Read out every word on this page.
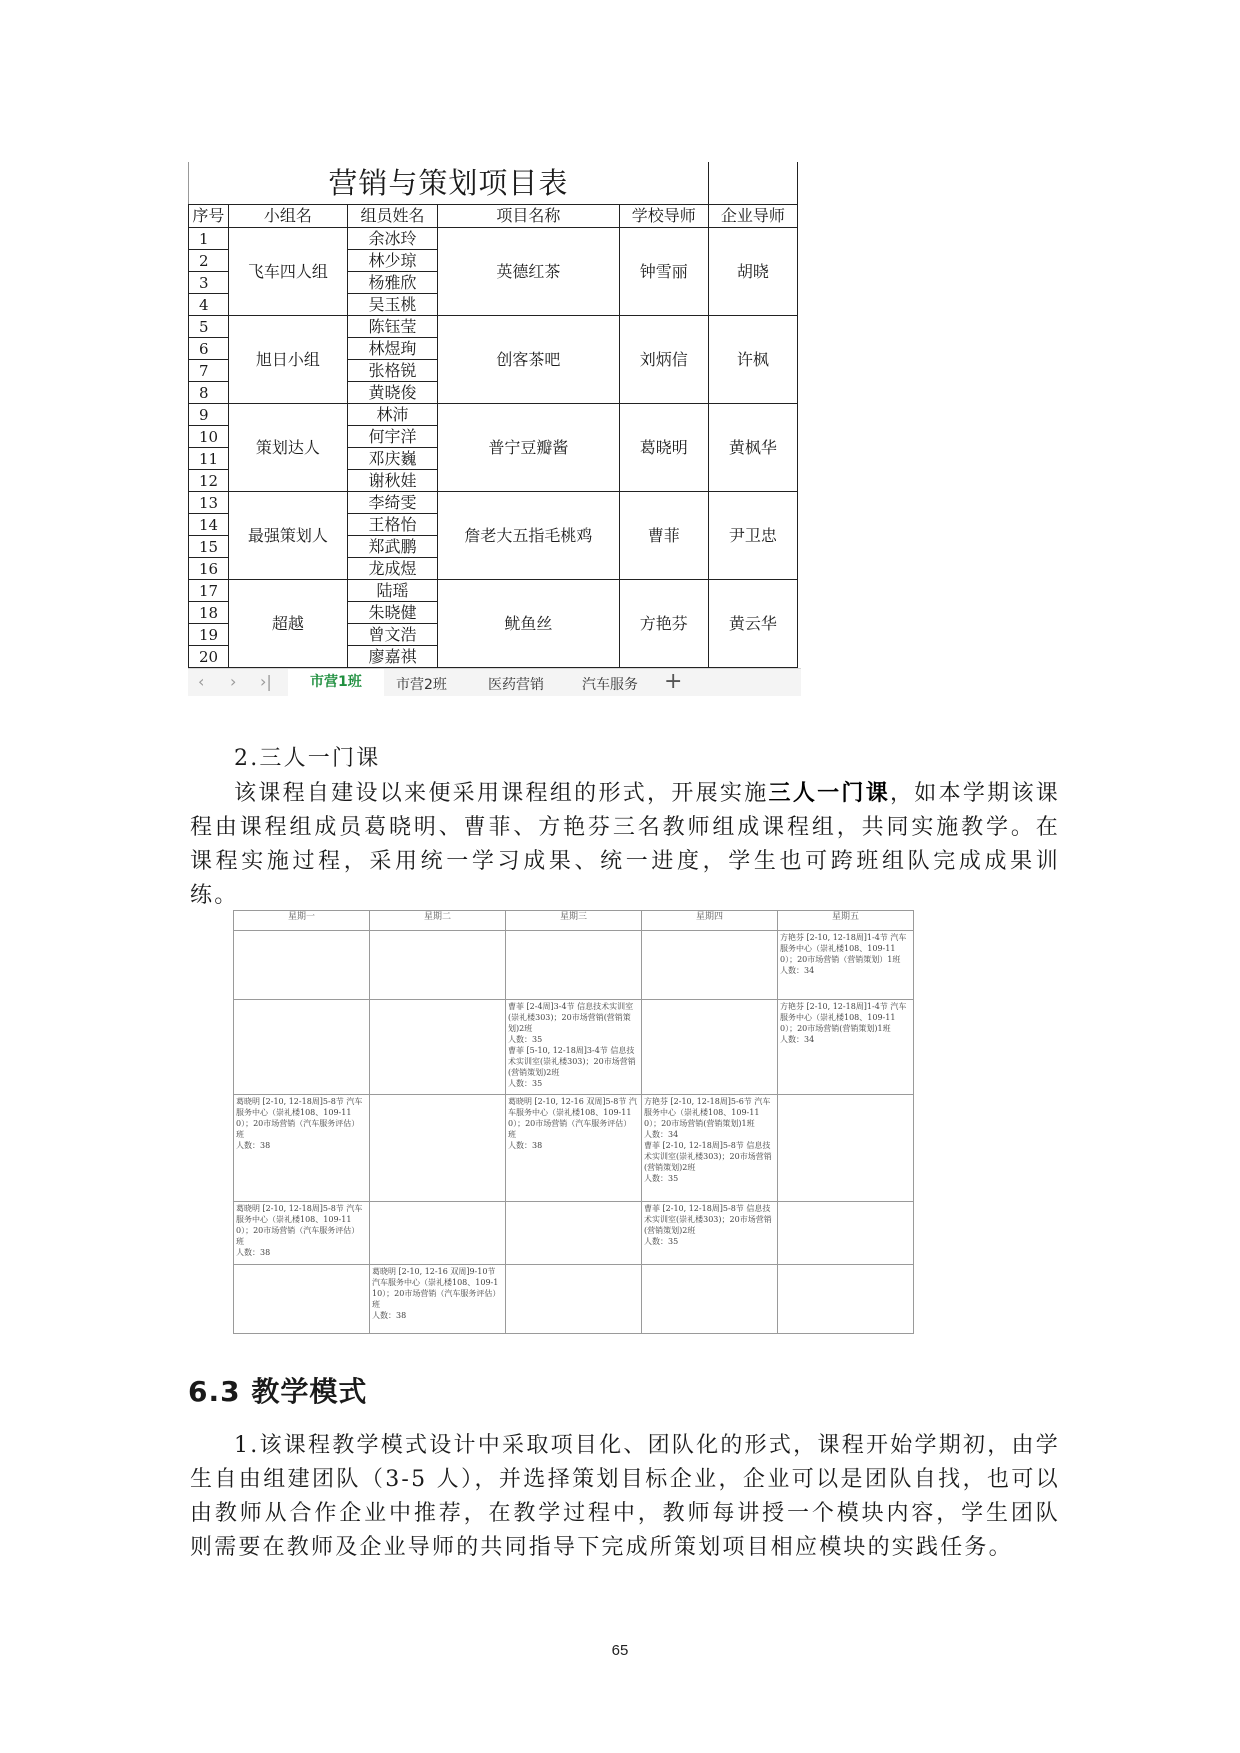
营销与策划项目表					
序号	小组名	组员姓名	项目名称	学校导师	企业导师
1	飞车四人组	余冰玲	英德红茶	钟雪丽	胡晓
2		林少琼			
3		杨雅欣			
4		吴玉桃			
5	旭日小组	陈钰莹	创客茶吧	刘炳信	许枫
6		林煜珣			
7		张格锐			
8		黄晓俊			
9	策划达人	林沛	普宁豆瓣酱	葛晓明	黄枫华
10		何宇洋			
11		邓庆巍			
12		谢秋娃			
13	最强策划人	李绮雯	詹老大五指毛桃鸡	曹菲	尹卫忠
14		王格怡			
15		郑武鹏			
16		龙成煜			
17	超越	陆瑶	鱿鱼丝	方艳芬	黄云华
18		朱晓健			
19		曾文浩			
20		廖嘉祺			
‹ › ›|	市营1班	市营2班	医药营销	汽车服务 +

2.三人一门课

该课程自建设以来便采用课程组的形式，开展实施三人一门课，如本学期该课程由课程组成员葛晓明、曹菲、方艳芬三名教师组成课程组，共同实施教学。在课程实施过程，采用统一学习成果、统一进度，学生也可跨班组队完成成果训练。

星期一	星期二	星期三	星期四	星期五
				方艳芬 [2-10, 12-18周]1-4节 汽车服务中心（崇礼楼108、109-110）；20市场营销（营销策划）1班
人数：34
		曹菲 [2-4周]3-4节 信息技术实训室(崇礼楼303)；20市场营销(营销策划)2班
人数：35
曹菲 [5-10, 12-18周]3-4节 信息技术实训室(崇礼楼303)；20市场营销(营销策划)2班
人数：35		方艳芬 [2-10, 12-18周]1-4节 汽车服务中心（崇礼楼108、109-110）；20市场营销(营销策划)1班
人数：34
葛晓明 [2-10, 12-18周]5-8节 汽车服务中心（崇礼楼108、109-110）；20市场营销（汽车服务评估）班
人数：38		葛晓明 [2-10, 12-16 双周]5-8节 汽车服务中心（崇礼楼108、109-110）；20市场营销（汽车服务评估）班
人数：38	方艳芬 [2-10, 12-18周]5-6节 汽车服务中心（崇礼楼108、109-110）；20市场营销(营销策划)1班
人数：34
曹菲 [2-10, 12-18周]5-8节 信息技术实训室(崇礼楼303)；20市场营销(营销策划)2班
人数：35	
葛晓明 [2-10, 12-18周]5-8节 汽车服务中心（崇礼楼108、109-110）；20市场营销（汽车服务评估）班
人数：38			曹菲 [2-10, 12-18周]5-8节 信息技术实训室(崇礼楼303)；20市场营销(营销策划)2班
人数：35	
	葛晓明 [2-10, 12-16 双周]9-10节 汽车服务中心（崇礼楼108、109-110）；20市场营销（汽车服务评估）班
人数：38			
6.3 教学模式

1.该课程教学模式设计中采取项目化、团队化的形式，课程开始学期初，由学生自由组建团队（3-5 人），并选择策划目标企业，企业可以是团队自找，也可以由教师从合作企业中推荐，在教学过程中，教师每讲授一个模块内容，学生团队则需要在教师及企业导师的共同指导下完成所策划项目相应模块的实践任务。

65
